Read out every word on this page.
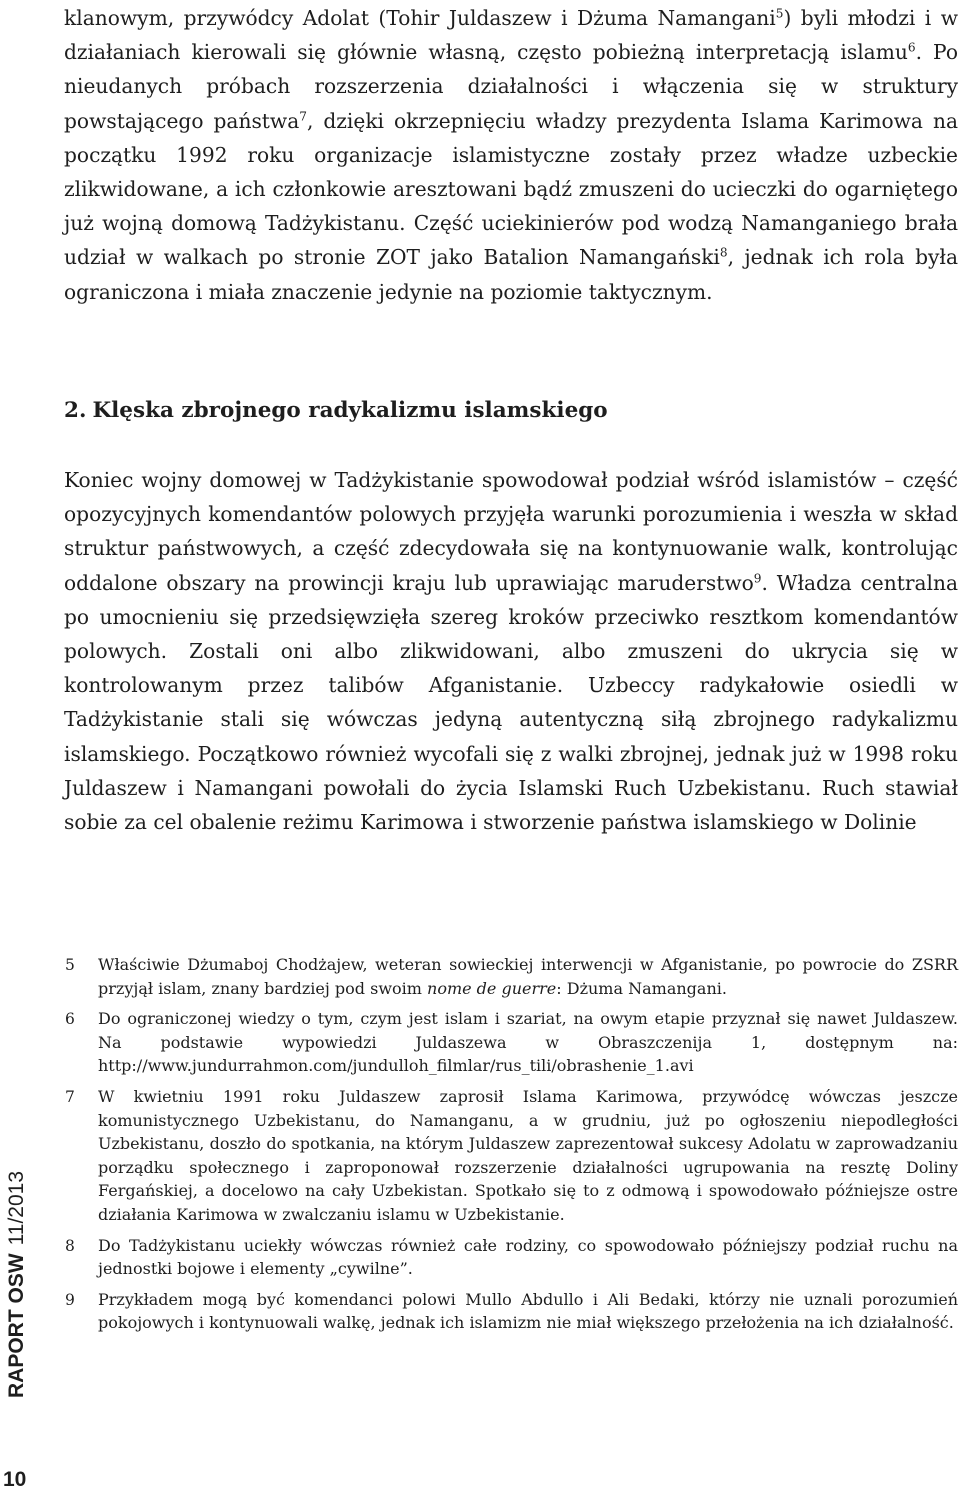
klanowym, przywódcy Adolat (Tohir Juldaszew i Dżuma Namangani$^5$) byli młodzi i w działaniach kierowali się głównie własną, często pobieżną interpretacją islamu$^6$. Po nieudanych próbach rozszerzenia działalności i włączenia się w struktury powstającego państwa$^7$, dzięki okrzepnięciu władzy prezydenta Islama Karimowa na początku 1992 roku organizacje islamistyczne zostały przez władze uzbeckie zlikwidowane, a ich członkowie aresztowani bądź zmuszeni do ucieczki do ogarniętego już wojną domową Tadżykistanu. Część uciekinierów pod wodzą Namanganiego brała udział w walkach po stronie ZOT jako Batalion Namangański$^8$, jednak ich rola była ograniczona i miała znaczenie jedynie na poziomie taktycznym.

2. Klęska zbrojnego radykalizmu islamskiego

Koniec wojny domowej w Tadżykistanie spowodował podział wśród islamistów – część opozycyjnych komendantów polowych przyjęła warunki porozumienia i weszła w skład struktur państwowych, a część zdecydowała się na kontynuowanie walk, kontrolując oddalone obszary na prowincji kraju lub uprawiając maruderstwo$^9$. Władza centralna po umocnieniu się przedsięwzięła szereg kroków przeciwko resztkom komendantów polowych. Zostali oni albo zlikwidowani, albo zmuszeni do ukrycia się w kontrolowanym przez talibów Afganistanie. Uzbeccy radykałowie osiedli w Tadżykistanie stali się wówczas jedyną autentyczną siłą zbrojnego radykalizmu islamskiego. Początkowo również wycofali się z walki zbrojnej, jednak już w 1998 roku Juldaszew i Namangani powołali do życia Islamski Ruch Uzbekistanu. Ruch stawiał sobie za cel obalenie reżimu Karimowa i stworzenie państwa islamskiego w Dolinie

5	Właściwie Dżumaboj Chodżajew, weteran sowieckiej interwencji w Afganistanie, po powrocie do ZSRR przyjął islam, znany bardziej pod swoim nome de guerre: Dżuma Namangani.

6	Do ograniczonej wiedzy o tym, czym jest islam i szariat, na owym etapie przyznał się nawet Juldaszew. Na podstawie wypowiedzi Juldaszewa w Obraszczenija 1, dostępnym na: http://www.jundurrahmon.com/jundulloh_filmlar/rus_tili/obrashenie_1.avi

7	W kwietniu 1991 roku Juldaszew zaprosił Islama Karimowa, przywódcę wówczas jeszcze komunistycznego Uzbekistanu, do Namanganu, a w grudniu, już po ogłoszeniu niepodległości Uzbekistanu, doszło do spotkania, na którym Juldaszew zaprezentował sukcesy Adolatu w zaprowadzaniu porządku społecznego i zaproponował rozszerzenie działalności ugrupowania na resztę Doliny Fergańskiej, a docelowo na cały Uzbekistan. Spotkało się to z odmową i spowodowało późniejsze ostre działania Karimowa w zwalczaniu islamu w Uzbekistanie.

8	Do Tadżykistanu uciekły wówczas również całe rodziny, co spowodowało późniejszy podział ruchu na jednostki bojowe i elementy „cywilne”.

9	Przykładem mogą być komendanci polowi Mullo Abdullo i Ali Bedaki, którzy nie uznali porozumień pokojowych i kontynuowali walkę, jednak ich islamizm nie miał większego przełożenia na ich działalność.

RAPORT OSW11/2013
10
